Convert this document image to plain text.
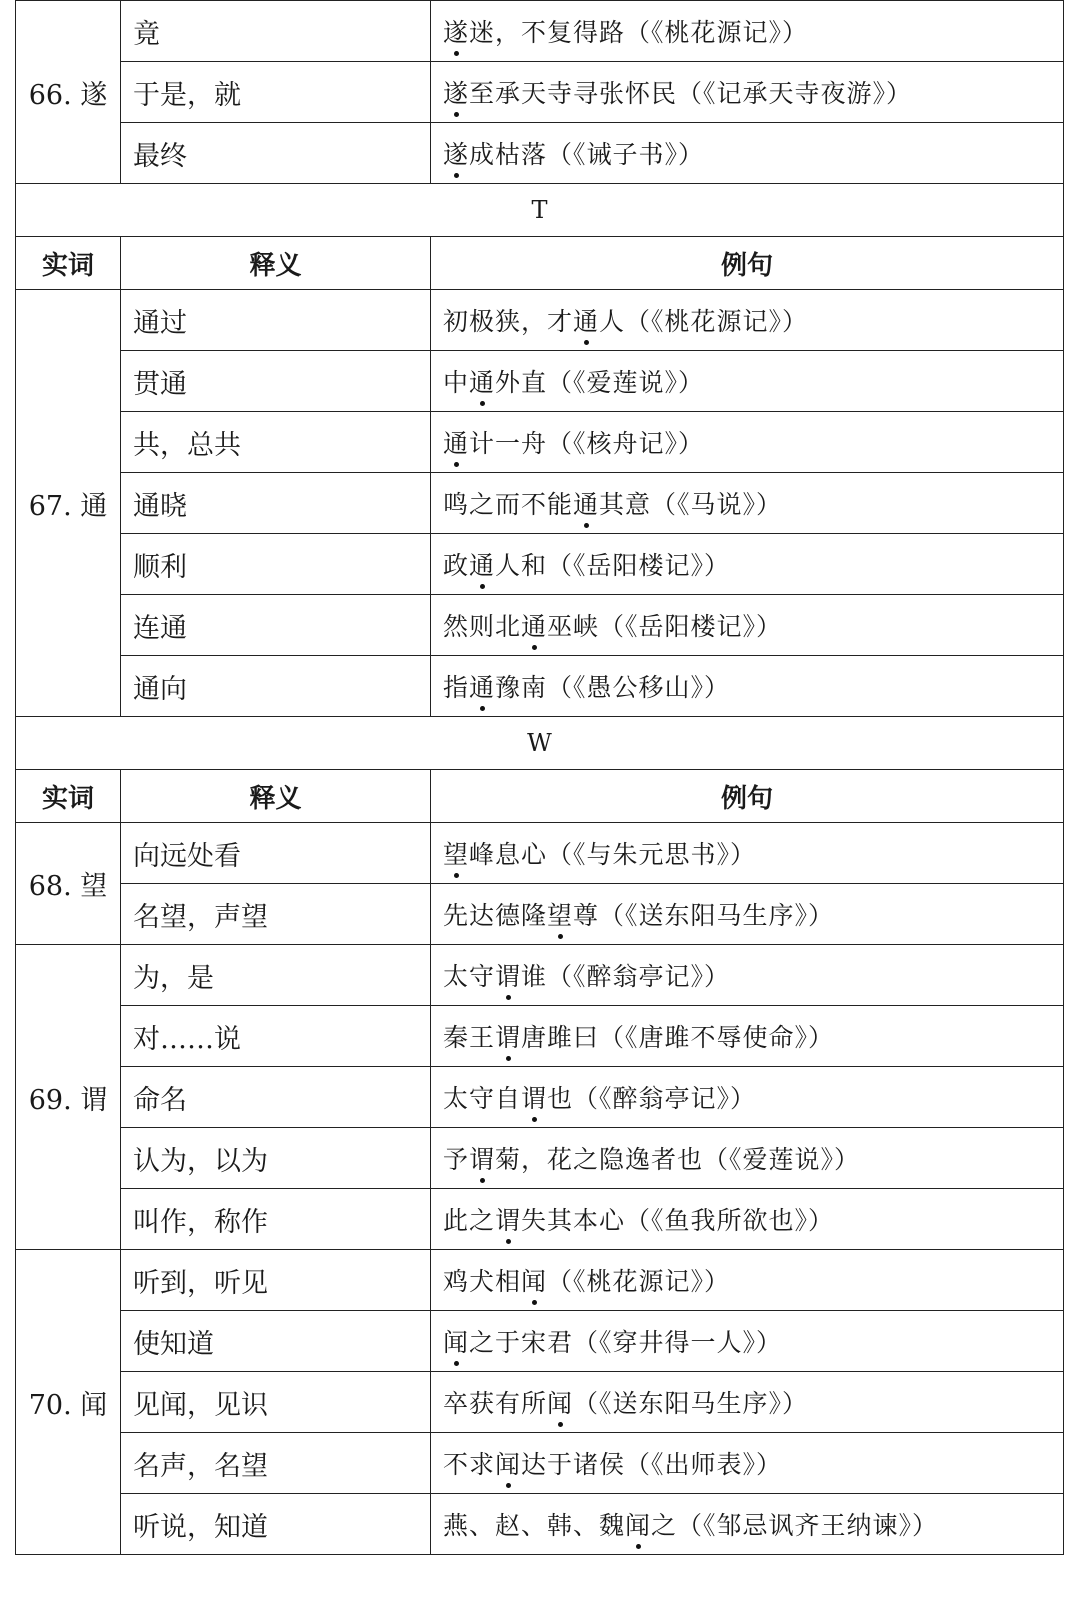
66. 遂	竟	遂迷，不复得路（《桃花源记》）
	于是，就	遂至承天寺寻张怀民（《记承天寺夜游》）
	最终	遂成枯落（《诫子书》）
T		
实词	释义	例句
67. 通	通过	初极狭，才通人（《桃花源记》）
	贯通	中通外直（《爱莲说》）
	共，总共	通计一舟（《核舟记》）
	通晓	鸣之而不能通其意（《马说》）
	顺利	政通人和（《岳阳楼记》）
	连通	然则北通巫峡（《岳阳楼记》）
	通向	指通豫南（《愚公移山》）
W		
实词	释义	例句
68. 望	向远处看	望峰息心（《与朱元思书》）
	名望，声望	先达德隆望尊（《送东阳马生序》）
69. 谓	为，是	太守谓谁（《醉翁亭记》）
	对……说	秦王谓唐雎曰（《唐雎不辱使命》）
	命名	太守自谓也（《醉翁亭记》）
	认为，以为	予谓菊，花之隐逸者也（《爱莲说》）
	叫作，称作	此之谓失其本心（《鱼我所欲也》）
70. 闻	听到，听见	鸡犬相闻（《桃花源记》）
	使知道	闻之于宋君（《穿井得一人》）
	见闻，见识	卒获有所闻（《送东阳马生序》）
	名声，名望	不求闻达于诸侯（《出师表》）
	听说，知道	燕、赵、韩、魏闻之（《邹忌讽齐王纳谏》）
